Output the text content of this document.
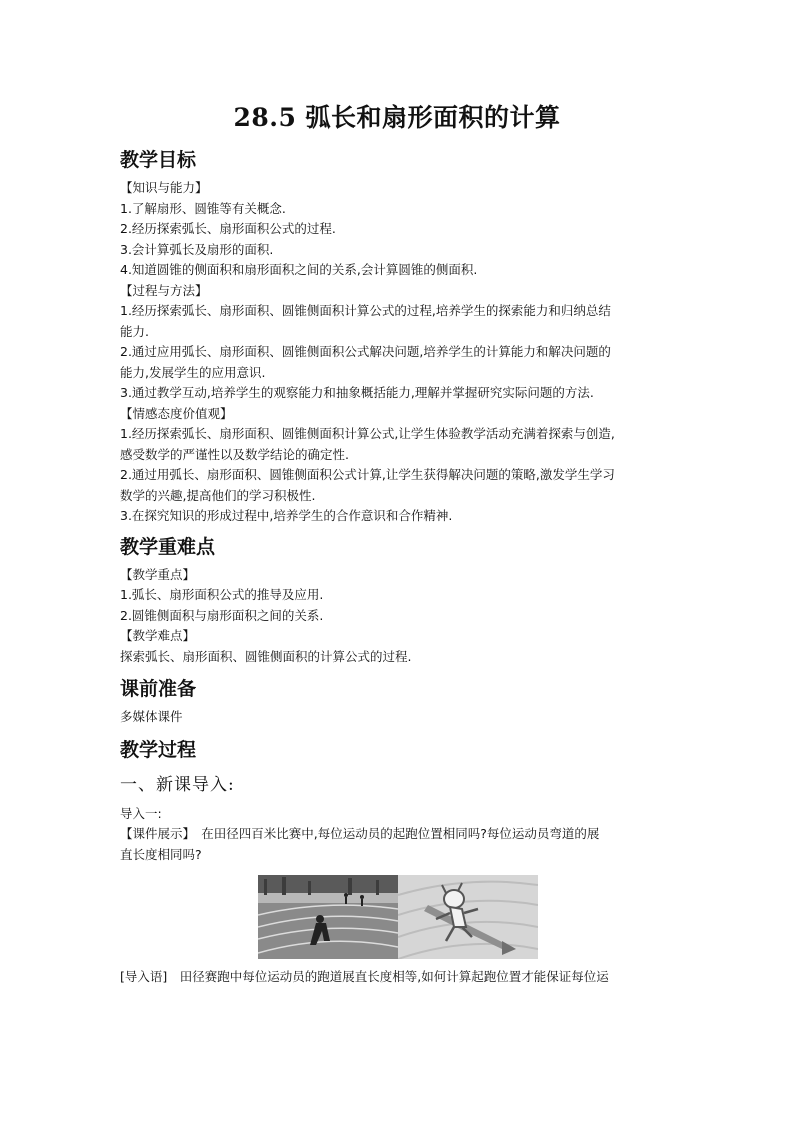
28.5 弧长和扇形面积的计算
教学目标

【知识与能力】

1.了解扇形、圆锥等有关概念.

2.经历探索弧长、扇形面积公式的过程.

3.会计算弧长及扇形的面积.

4.知道圆锥的侧面积和扇形面积之间的关系,会计算圆锥的侧面积.

【过程与方法】

1.经历探索弧长、扇形面积、圆锥侧面积计算公式的过程,培养学生的探索能力和归纳总结

能力.

2.通过应用弧长、扇形面积、圆锥侧面积公式解决问题,培养学生的计算能力和解决问题的

能力,发展学生的应用意识.

3.通过教学互动,培养学生的观察能力和抽象概括能力,理解并掌握研究实际问题的方法.

【情感态度价值观】

1.经历探索弧长、扇形面积、圆锥侧面积计算公式,让学生体验教学活动充满着探索与创造,

感受数学的严谨性以及数学结论的确定性.

2.通过用弧长、扇形面积、圆锥侧面积公式计算,让学生获得解决问题的策略,激发学生学习

数学的兴趣,提高他们的学习积极性.

3.在探究知识的形成过程中,培养学生的合作意识和合作精神.

教学重难点

【教学重点】

1.弧长、扇形面积公式的推导及应用.

2.圆锥侧面积与扇形面积之间的关系.

【教学难点】

探索弧长、扇形面积、圆锥侧面积的计算公式的过程.

课前准备

多媒体课件

教学过程

一、新课导入:

导入一:

【课件展示】　在田径四百米比赛中,每位运动员的起跑位置相同吗?每位运动员弯道的展

直长度相同吗?

[导入语]　田径赛跑中每位运动员的跑道展直长度相等,如何计算起跑位置才能保证每位运
